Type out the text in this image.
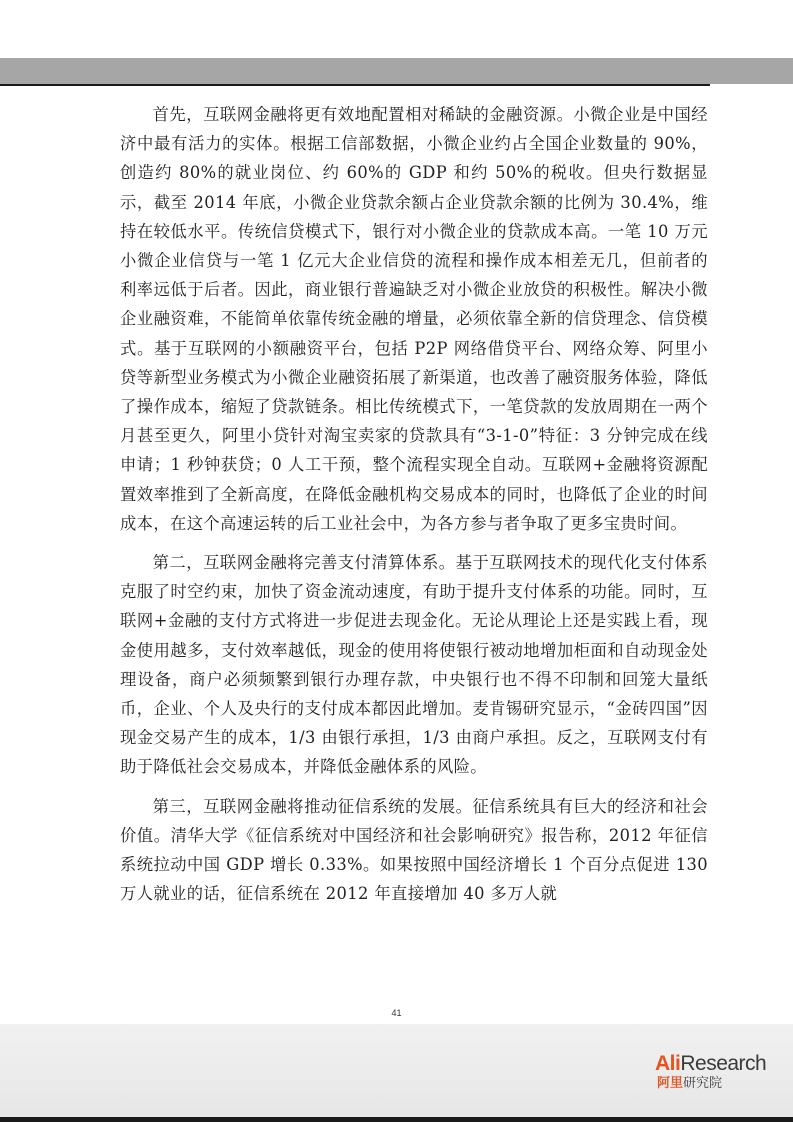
首先，互联网金融将更有效地配置相对稀缺的金融资源。小微企业是中国经济中最有活力的实体。根据工信部数据，小微企业约占全国企业数量的 90%，创造约 80%的就业岗位、约 60%的 GDP 和约 50%的税收。但央行数据显示，截至 2014 年底，小微企业贷款余额占企业贷款余额的比例为 30.4%，维持在较低水平。传统信贷模式下，银行对小微企业的贷款成本高。一笔 10 万元小微企业信贷与一笔 1 亿元大企业信贷的流程和操作成本相差无几，但前者的利率远低于后者。因此，商业银行普遍缺乏对小微企业放贷的积极性。解决小微企业融资难，不能简单依靠传统金融的增量，必须依靠全新的信贷理念、信贷模式。基于互联网的小额融资平台，包括 P2P 网络借贷平台、网络众筹、阿里小贷等新型业务模式为小微企业融资拓展了新渠道，也改善了融资服务体验，降低了操作成本，缩短了贷款链条。相比传统模式下，一笔贷款的发放周期在一两个月甚至更久，阿里小贷针对淘宝卖家的贷款具有“3-1-0”特征：3 分钟完成在线申请；1 秒钟获贷；0 人工干预，整个流程实现全自动。互联网+金融将资源配置效率推到了全新高度，在降低金融机构交易成本的同时，也降低了企业的时间成本，在这个高速运转的后工业社会中，为各方参与者争取了更多宝贵时间。

第二，互联网金融将完善支付清算体系。基于互联网技术的现代化支付体系克服了时空约束，加快了资金流动速度，有助于提升支付体系的功能。同时，互联网+金融的支付方式将进一步促进去现金化。无论从理论上还是实践上看，现金使用越多，支付效率越低，现金的使用将使银行被动地增加柜面和自动现金处理设备，商户必须频繁到银行办理存款，中央银行也不得不印制和回笼大量纸币，企业、个人及央行的支付成本都因此增加。麦肯锡研究显示，“金砖四国”因现金交易产生的成本，1/3 由银行承担，1/3 由商户承担。反之，互联网支付有助于降低社会交易成本，并降低金融体系的风险。

第三，互联网金融将推动征信系统的发展。征信系统具有巨大的经济和社会价值。清华大学《征信系统对中国经济和社会影响研究》报告称，2012 年征信系统拉动中国 GDP 增长 0.33%。如果按照中国经济增长 1 个百分点促进 130 万人就业的话，征信系统在 2012 年直接增加 40 多万人就

41
AliResearch
阿里研究院
